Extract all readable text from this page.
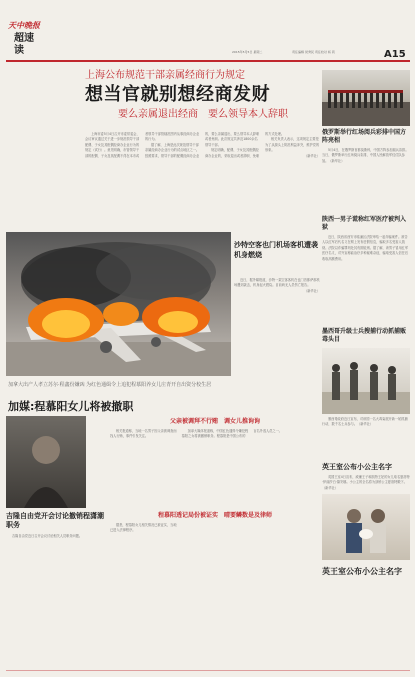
天中晚报
超速读	2015年5月5日 星期二	责任编辑 侯秀民 责任校对 杨 莉	A15
上海公布规范干部亲属经商行为规定
想当官就别想经商发财
要么亲属退出经商　要么领导本人辞职

上海市委5月4日召开市委常委会，会议审议通过关于进一步规范领导干部配偶、子女及其配偶经商办企业行为的规定（试行）。意见明确，市管领导干部的配偶、子女及其配偶不得在本市或者领导干部管辖范围内从事经商办企业的行为。

据了解，上海是此次规范领导干部亲属经商办企业行为的试点地区之一。按照要求，领导干部的配偶经商办企业的，要么亲属退出，要么领导本人辞职或者免职。此次规定共涉及1800余名领导干部。

规定明确，配偶、子女及其配偶经商办企业的，采取退出或者辞职、免职的方式处理。

相关负责人表示，这项规定主要是为了从源头上防范利益冲突，维护党的形象。

（新华社）

俄罗斯举行红场阅兵彩排中国方阵亮相

5月4日，在俄罗斯首都莫斯科，中国方阵参加阅兵彩排。当日，俄罗斯举行红场阅兵彩排，中国人民解放军仪仗队参加。（新华社）

陕西一男子谎称红军医疗被判入狱

近日，陕西省西安市临潼区法院审结一起诈骗案件。被告人以红军后代名义在网上发布虚假信息，骗取多名受害人钱财。法院以诈骗罪判处其有期徒刑。据了解，该男子冒用红军医疗名义，对外宣称能治疗多种疑难杂症，骗取受害人信任后收取高额费用。

墨西哥升级士兵搜捕行动抓捕贩毒头目

墨西哥政府近日宣布，对该国一名大毒枭展开新一轮抓捕行动，数千名士兵参与。（新华社）

英王室公布小公主名字

英国王室4日宣布，威廉王子和凯特王妃的女儿取名夏洛特·伊丽莎白·黛安娜。小公主的全名将为剑桥公主夏洛特殿下。（新华社）

沙特空客也门机场客机遭袭机身燃烧

近日，据外媒报道，沙特一架空客客机在也门首都萨那机场遭到袭击，机身起火燃烧。目前尚无人员伤亡报告。

（新华社）

加拿大出产人孝立苏尔·程鑫份嫌凶 为红色通缉令上追犯程慕阳养女儿庄青开自出资分校生居
加媒:程慕阳女儿将被撤职
父亲被调拜不行贿　调女儿推询询

相关报道称，当地一名男子因父亲被调查而找人行贿，事件引发关注。

加拿大媒体报道称，中国红色通缉令嫌犯程慕阳之女将被撤销职务。程慕阳是中国公布的百名外逃人员之一。

程慕阳透记局份被证实　晴要鳞数是及律师

据悉，程慕阳女儿相关情况已被证实，当地已进入法律程序。

吉隆自由党开会讨论撤销程潇潮职务

吉隆自由党近日召开会议讨论相关人员职务问题。

英王室公布小公主名字
